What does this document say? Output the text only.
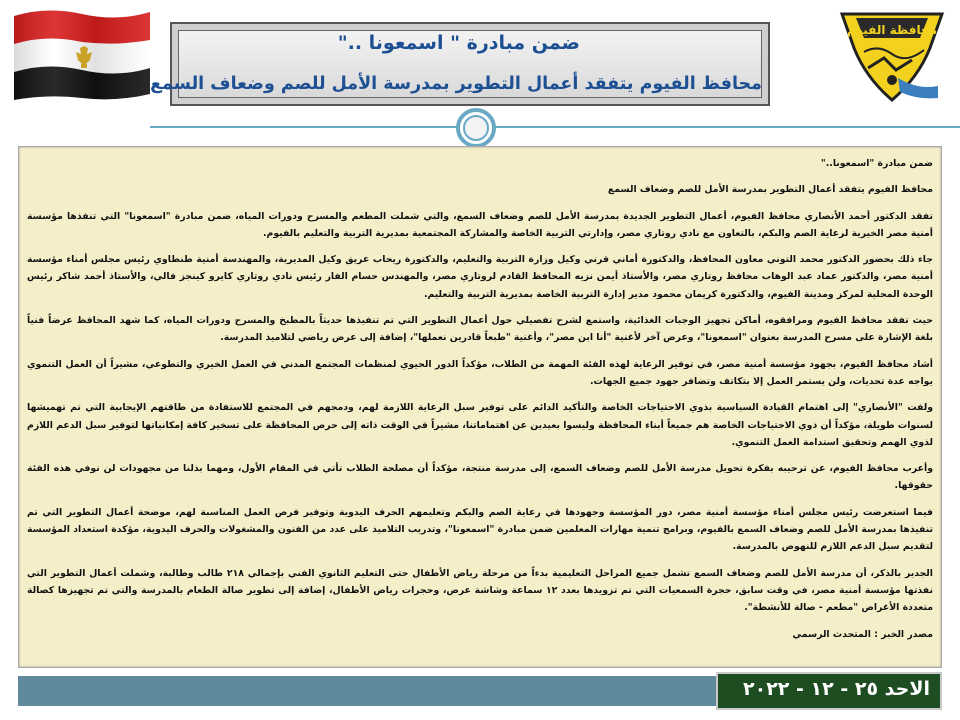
ضمن مبادرة " اسمعونا .."
محافظ الفيوم يتفقد أعمال التطوير بمدرسة الأمل للصم وضعاف السمع
محافظة الفيوم

ضمن مبادرة "اسمعونا.."

محافظ الفيوم يتفقد أعمال التطوير بمدرسة الأمل للصم وضعاف السمع

تفقد الدكتور أحمد الأنصاري محافظ الفيوم، أعمال التطوير الجديدة بمدرسة الأمل للصم وضعاف السمع، والتي شملت المطعم والمسرح ودورات المياه، ضمن مبادرة "اسمعونا" التي تنفذها مؤسسة أمنية مصر الخيرية لرعاية الصم والبكم، بالتعاون مع نادي روتاري مصر، وإدارتي التربية الخاصة والمشاركة المجتمعية بمديرية التربية والتعليم بالفيوم.

جاء ذلك بحضور الدكتور محمد التوني معاون المحافظ، والدكتورة أماني قرني وكيل وزارة التربية والتعليم، والدكتورة ريحاب عريق وكيل المديرية، والمهندسة أمنية طنطاوي رئيس مجلس أمناء مؤسسة أمنية مصر، والدكتور عماد عبد الوهاب محافظ روتاري مصر، والأستاذ أيمن نزيه المحافظ القادم لروتاري مصر، والمهندس حسام الفار رئيس نادي روتاري كايرو كينجز فالي، والأستاذ أحمد شاكر رئيس الوحدة المحلية لمركز ومدينة الفيوم، والدكتورة كريمان محمود مدير إدارة التربية الخاصة بمديرية التربية والتعليم.

حيث تفقد محافظ الفيوم ومرافقوه، أماكن تجهيز الوجبات الغذائية، واستمع لشرح تفصيلي حول أعمال التطوير التي تم تنفيذها حديثاً بالمطبخ والمسرح ودورات المياه، كما شهد المحافظ عرضاً فنياً بلغة الإشارة على مسرح المدرسة بعنوان "اسمعونا"، وعرض آخر لأغنية "أنا ابن مصر"، وأغنية "طبعاً قادرين نعملها"، إضافة إلى عرض رياضي لتلاميذ المدرسة.

أشاد محافظ الفيوم، بجهود مؤسسة أمنية مصر، في توفير الرعاية لهذه الفئة المهمة من الطلاب، مؤكداً الدور الحيوي لمنظمات المجتمع المدني في العمل الخيري والتطوعي، مشيراً أن العمل التنموي يواجه عدة تحديات، ولن يستمر العمل إلا بتكاتف وتضافر جهود جميع الجهات.

ولفت "الأنصاري" إلى اهتمام القيادة السياسية بذوي الاحتياجات الخاصة والتأكيد الدائم على توفير سبل الرعاية اللازمة لهم، ودمجهم في المجتمع للاستفادة من طاقتهم الإيجابية التي تم تهميشها لسنوات طويلة، مؤكداً أن ذوي الاحتياجات الخاصة هم جميعاً أبناء المحافظة وليسوا بعيدين عن اهتماماتنا، مشيراً في الوقت ذاته إلى حرص المحافظة على تسخير كافة إمكانياتها لتوفير سبل الدعم اللازم لذوي الهمم وتحقيق استدامة العمل التنموي.

وأعرب محافظ الفيوم، عن ترحيبه بفكرة تحويل مدرسة الأمل للصم وضعاف السمع، إلى مدرسة منتجة، مؤكداً أن مصلحة الطلاب تأتي في المقام الأول، ومهما بذلنا من مجهودات لن نوفي هذه الفئة حقوقها.

فيما استعرضت رئيس مجلس أمناء مؤسسة أمنية مصر، دور المؤسسة وجهودها في رعاية الصم والبكم وتعليمهم الحرف اليدوية وتوفير فرص العمل المناسبة لهم، موضحة أعمال التطوير التي تم تنفيذها بمدرسة الأمل للصم وضعاف السمع بالفيوم، وبرامج تنمية مهارات المعلمين ضمن مبادرة "اسمعونا"، وتدريب التلاميذ على عدد من الفنون والمشغولات والحرف اليدوية، مؤكدة استعداد المؤسسة لتقديم سبل الدعم اللازم للنهوض بالمدرسة.

الجدير بالذكر، أن مدرسة الأمل للصم وضعاف السمع تشمل جميع المراحل التعليمية بدءاً من مرحلة رياض الأطفال حتى التعليم الثانوي الفني بإجمالي ٢١٨ طالب وطالبة، وشملت أعمال التطوير التي نفذتها مؤسسة أمنية مصر، في وقت سابق، حجرة السمعيات التي تم تزويدها بعدد ١٢ سماعة وشاشة عرض، وحجرات رياض الأطفال، إضافة إلى تطوير صالة الطعام بالمدرسة والتي تم تجهيزها كصالة متعددة الأغراض "مطعم - صالة للأنشطة".

مصدر الخبر : المتحدث الرسمي

الاحد ٢٥ - ١٢ - ٢٠٢٢
